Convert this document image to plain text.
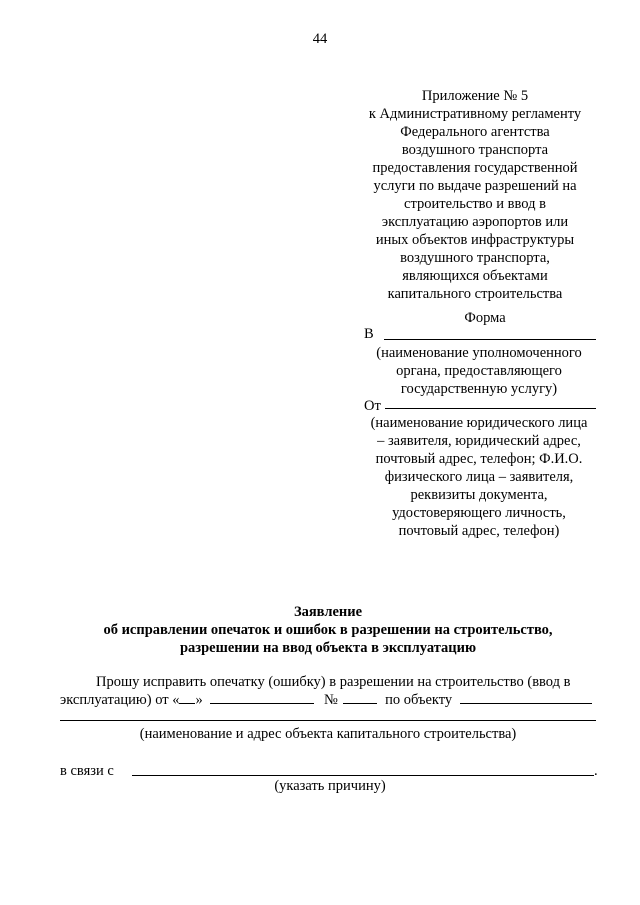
44
Приложение № 5
к Административному регламенту
Федерального агентства
воздушного транспорта
предоставления государственной
услуги по выдаче разрешений на
строительство и ввод в
эксплуатацию аэропортов или
иных объектов инфраструктуры
воздушного транспорта,
являющихся объектами
капитального строительства
Форма
В
(наименование уполномоченного
органа, предоставляющего
государственную услугу)
От
(наименование юридического лица
– заявителя, юридический адрес,
почтовый адрес, телефон; Ф.И.О.
физического лица – заявителя,
реквизиты документа,
удостоверяющего личность,
почтовый адрес, телефон)
Заявление
об исправлении опечаток и ошибок в разрешении на строительство,
разрешении на ввод объекта в эксплуатацию
Прошу исправить опечатку (ошибку) в разрешении на строительство (ввод в
эксплуатацию) от « »	№	по объекту
(наименование и адрес объекта капитального строительства)
в связи с	.
(указать причину)
